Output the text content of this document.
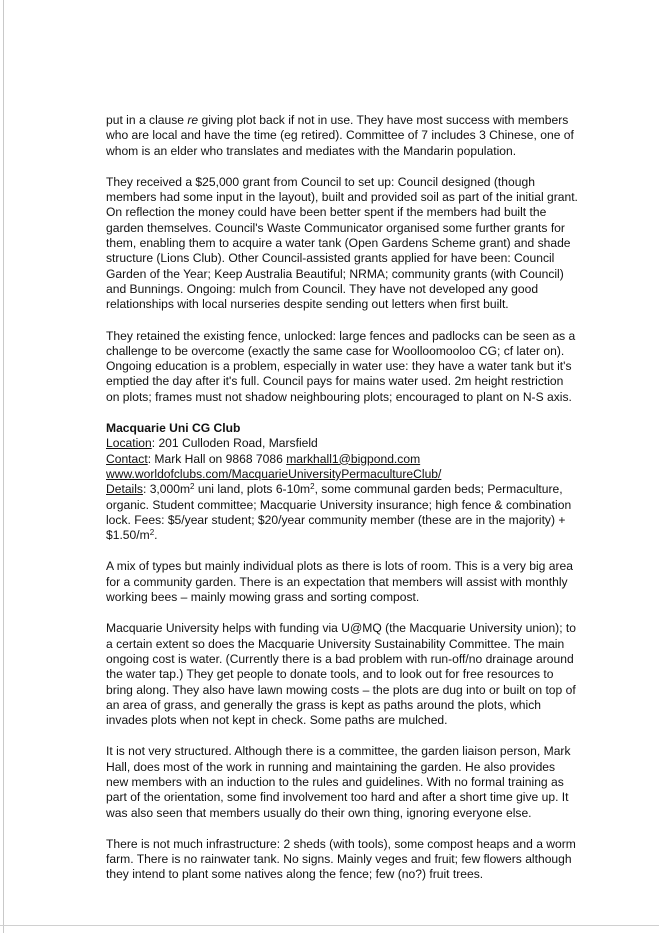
put in a clause re giving plot back if not in use. They have most success with members who are local and have the time (eg retired). Committee of 7 includes 3 Chinese, one of whom is an elder who translates and mediates with the Mandarin population.

They received a $25,000 grant from Council to set up: Council designed (though members had some input in the layout), built and provided soil as part of the initial grant. On reflection the money could have been better spent if the members had built the garden themselves. Council's Waste Communicator organised some further grants for them, enabling them to acquire a water tank (Open Gardens Scheme grant) and shade structure (Lions Club). Other Council-assisted grants applied for have been: Council Garden of the Year; Keep Australia Beautiful; NRMA; community grants (with Council) and Bunnings. Ongoing: mulch from Council. They have not developed any good relationships with local nurseries despite sending out letters when first built.

They retained the existing fence, unlocked: large fences and padlocks can be seen as a challenge to be overcome (exactly the same case for Woolloomooloo CG; cf later on). Ongoing education is a problem, especially in water use: they have a water tank but it's emptied the day after it's full. Council pays for mains water used. 2m height restriction on plots; frames must not shadow neighbouring plots; encouraged to plant on N-S axis.

Macquarie Uni CG Club
Location: 201 Culloden Road, Marsfield
Contact: Mark Hall on 9868 7086 markhall1@bigpond.com
www.worldofclubs.com/MacquarieUniversityPermacultureClub/
Details: $3,000m^2$ uni land, plots $6-10m^2$, some communal garden beds; Permaculture, organic. Student committee; Macquarie University insurance; high fence & combination lock. Fees: $5/year student; $20/year community member (these are in the majority) + $\$1.50/m^2$.

A mix of types but mainly individual plots as there is lots of room. This is a very big area for a community garden. There is an expectation that members will assist with monthly working bees – mainly mowing grass and sorting compost.

Macquarie University helps with funding via U@MQ (the Macquarie University union); to a certain extent so does the Macquarie University Sustainability Committee. The main ongoing cost is water. (Currently there is a bad problem with run-off/no drainage around the water tap.) They get people to donate tools, and to look out for free resources to bring along. They also have lawn mowing costs – the plots are dug into or built on top of an area of grass, and generally the grass is kept as paths around the plots, which invades plots when not kept in check. Some paths are mulched.

It is not very structured. Although there is a committee, the garden liaison person, Mark Hall, does most of the work in running and maintaining the garden. He also provides new members with an induction to the rules and guidelines. With no formal training as part of the orientation, some find involvement too hard and after a short time give up. It was also seen that members usually do their own thing, ignoring everyone else.

There is not much infrastructure: 2 sheds (with tools), some compost heaps and a worm farm. There is no rainwater tank. No signs. Mainly veges and fruit; few flowers although they intend to plant some natives along the fence; few (no?) fruit trees.
